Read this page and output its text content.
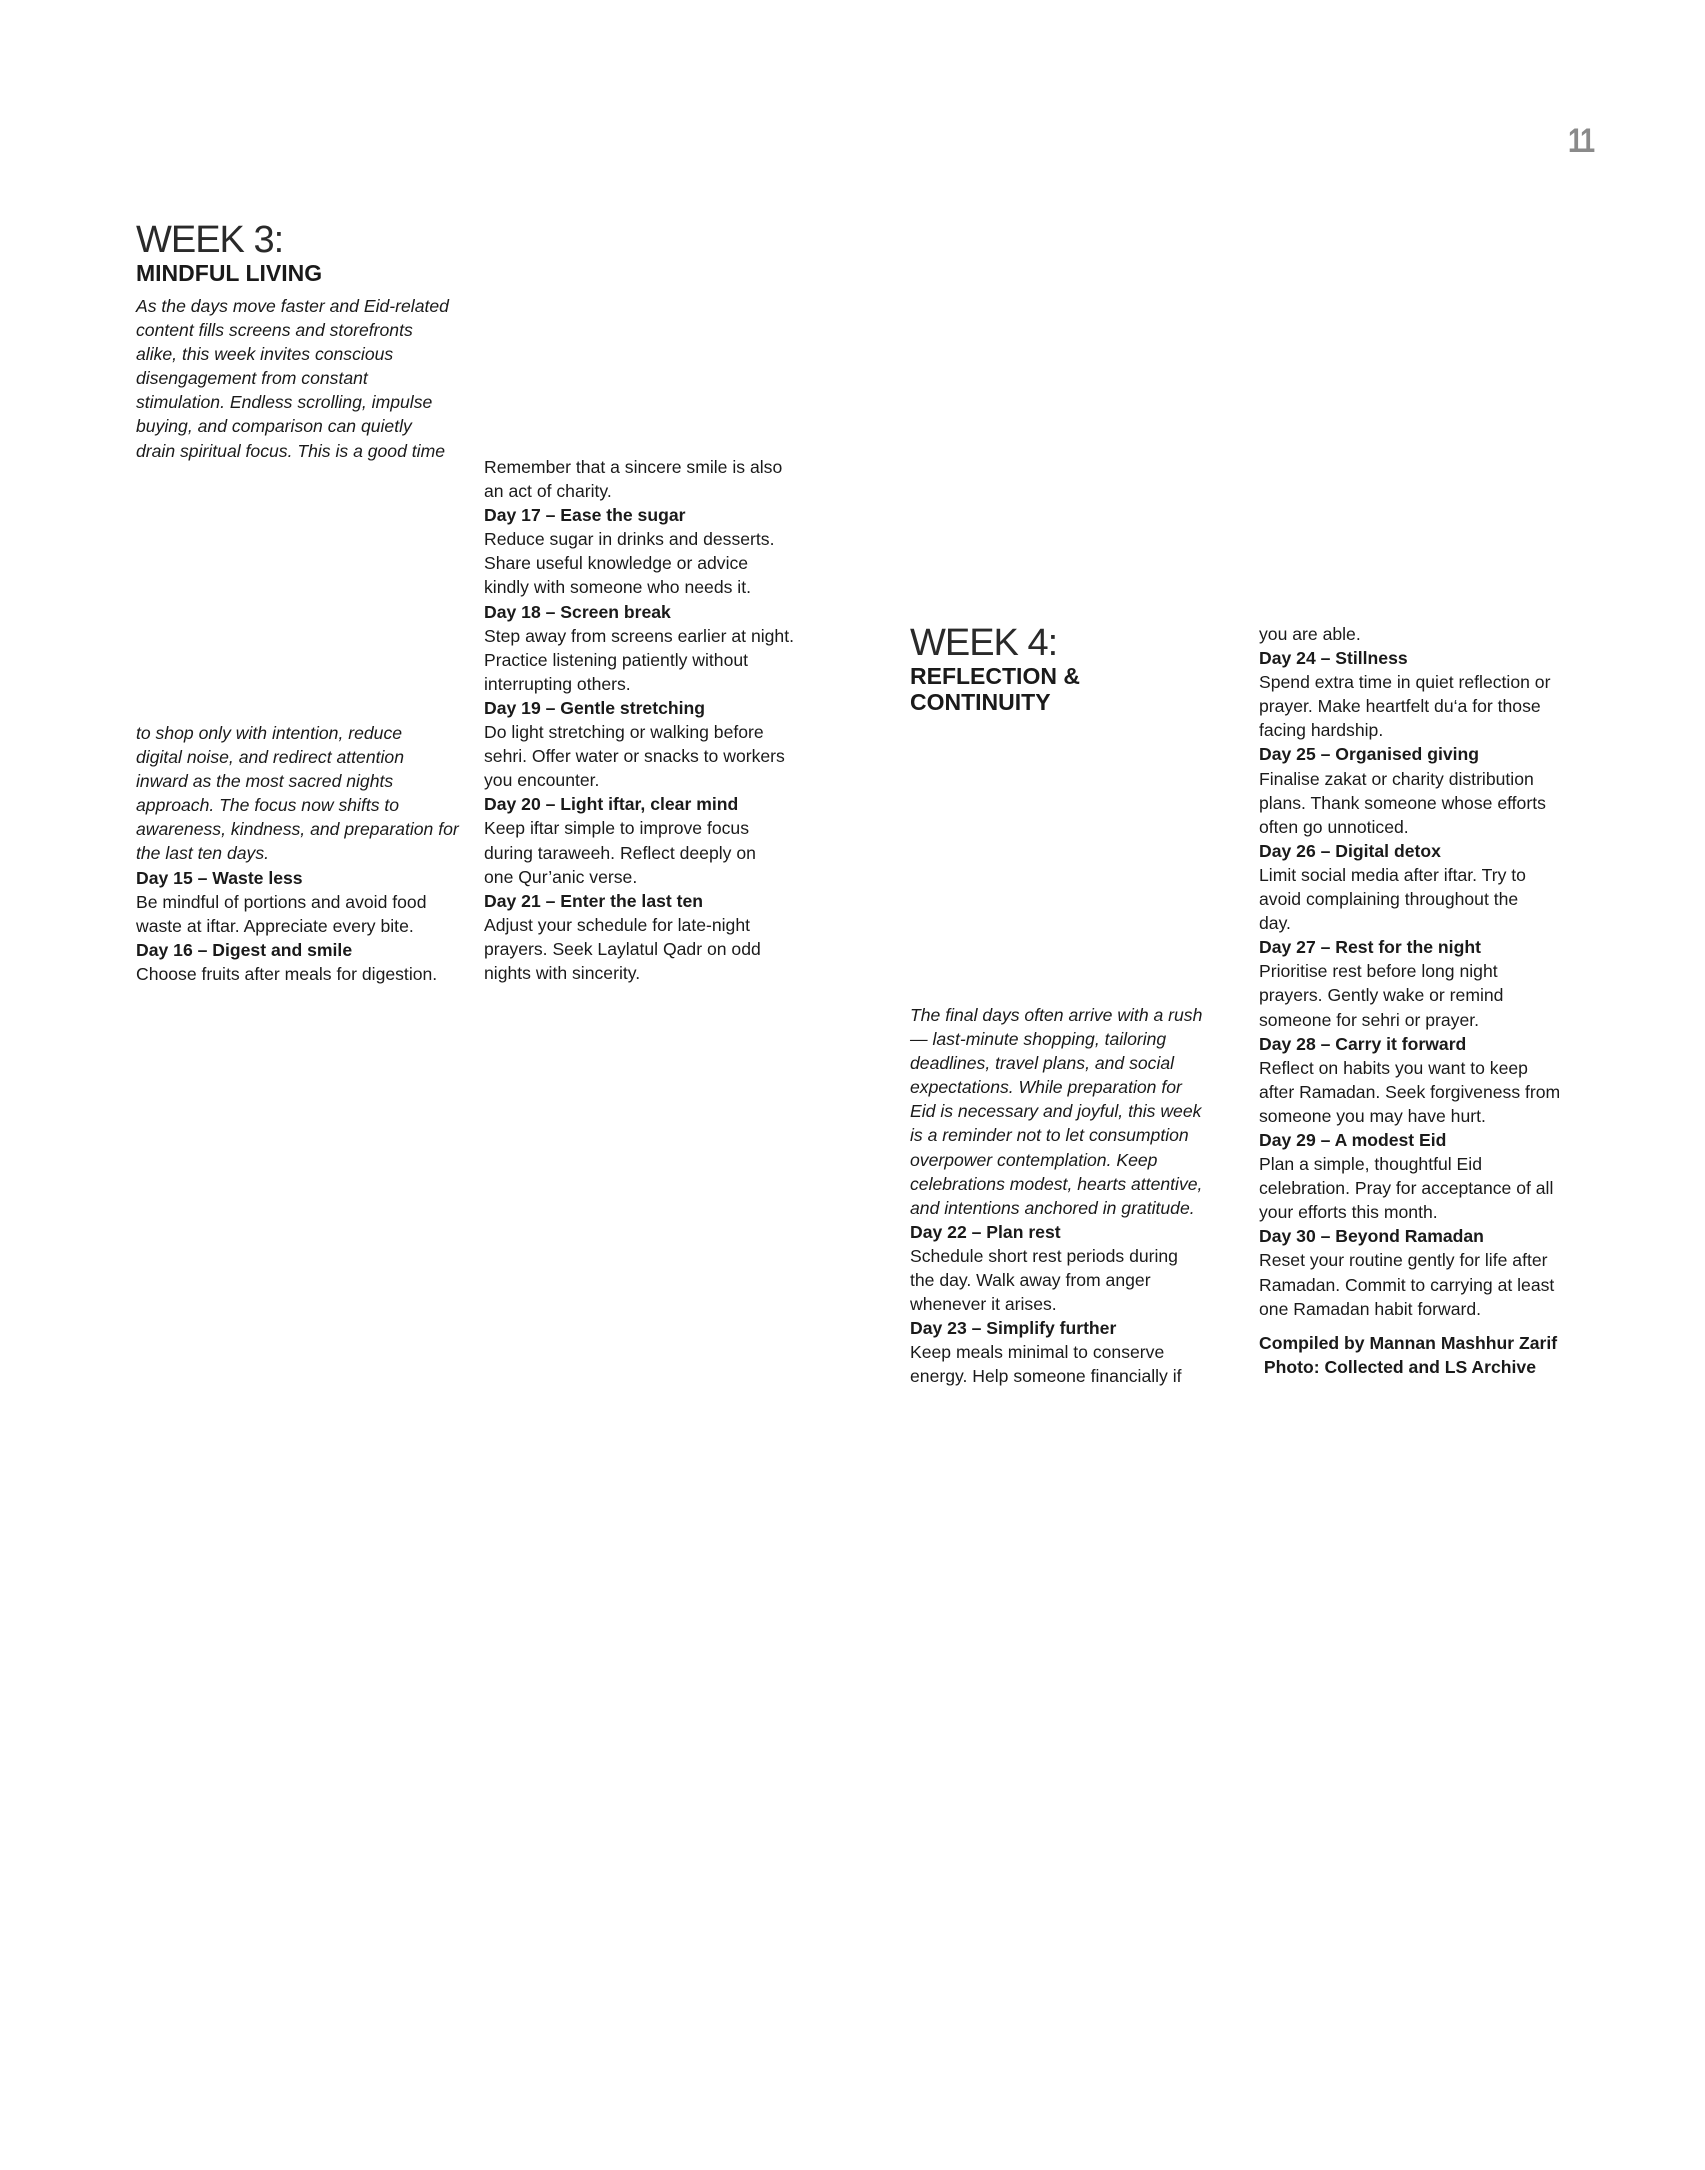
11
WEEK 3:
MINDFUL LIVING

As the days move faster and Eid-related

content fills screens and storefronts

alike, this week invites conscious

disengagement from constant

stimulation. Endless scrolling, impulse

buying, and comparison can quietly

drain spiritual focus. This is a good time

to shop only with intention, reduce

digital noise, and redirect attention

inward as the most sacred nights

approach. The focus now shifts to

awareness, kindness, and preparation for

the last ten days.

Day 15 – Waste less

Be mindful of portions and avoid food

waste at iftar. Appreciate every bite.

Day 16 – Digest and smile

Choose fruits after meals for digestion.

Remember that a sincere smile is also

an act of charity.

Day 17 – Ease the sugar

Reduce sugar in drinks and desserts.

Share useful knowledge or advice

kindly with someone who needs it.

Day 18 – Screen break

Step away from screens earlier at night.

Practice listening patiently without

interrupting others.

Day 19 – Gentle stretching

Do light stretching or walking before

sehri. Offer water or snacks to workers

you encounter.

Day 20 – Light iftar, clear mind

Keep iftar simple to improve focus

during taraweeh. Reflect deeply on

one Qur’anic verse.

Day 21 – Enter the last ten

Adjust your schedule for late-night

prayers. Seek Laylatul Qadr on odd

nights with sincerity.

WEEK 4:
REFLECTION &
CONTINUITY

The final days often arrive with a rush

— last-minute shopping, tailoring

deadlines, travel plans, and social

expectations. While preparation for

Eid is necessary and joyful, this week

is a reminder not to let consumption

overpower contemplation. Keep

celebrations modest, hearts attentive,

and intentions anchored in gratitude.

Day 22 – Plan rest

Schedule short rest periods during

the day. Walk away from anger

whenever it arises.

Day 23 – Simplify further

Keep meals minimal to conserve

energy. Help someone financially if

you are able.

Day 24 – Stillness

Spend extra time in quiet reflection or

prayer. Make heartfelt du‘a for those

facing hardship.

Day 25 – Organised giving

Finalise zakat or charity distribution

plans. Thank someone whose efforts

often go unnoticed.

Day 26 – Digital detox

Limit social media after iftar. Try to

avoid complaining throughout the

day.

Day 27 – Rest for the night

Prioritise rest before long night

prayers. Gently wake or remind

someone for sehri or prayer.

Day 28 – Carry it forward

Reflect on habits you want to keep

after Ramadan. Seek forgiveness from

someone you may have hurt.

Day 29 – A modest Eid

Plan a simple, thoughtful Eid

celebration. Pray for acceptance of all

your efforts this month.

Day 30 – Beyond Ramadan

Reset your routine gently for life after

Ramadan. Commit to carrying at least

one Ramadan habit forward.

Compiled by Mannan Mashhur Zarif

Photo: Collected and LS Archive
